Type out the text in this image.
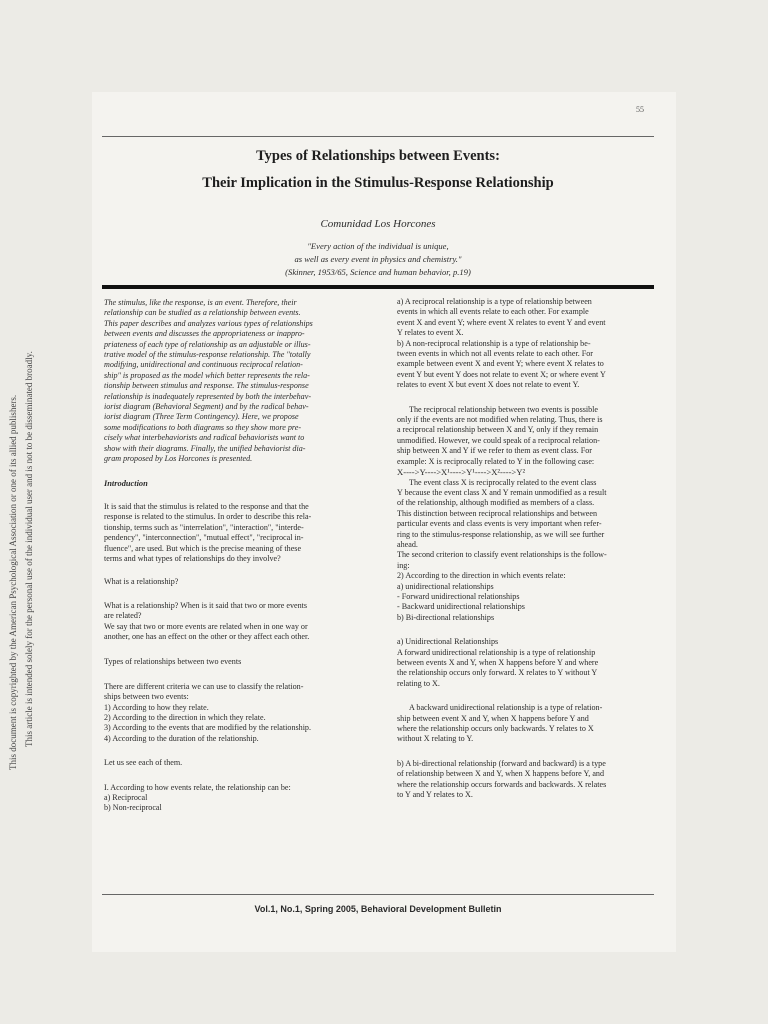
55
Types of Relationships between Events:
Their Implication in the Stimulus-Response Relationship
Comunidad Los Horcones
"Every action of the individual is unique,
as well as every event in physics and chemistry."
(Skinner, 1953/65, Science and human behavior, p.19)

The stimulus, like the response, is an event. Therefore, their
relationship can be studied as a relationship between events.
This paper describes and analyzes various types of relationships
between events and discusses the appropriateness or inappro-
priateness of each type of relationship as an adjustable or illus-
trative model of the stimulus-response relationship. The "totally
modifying, unidirectional and continuous reciprocal relation-
ship" is proposed as the model which better represents the rela-
tionship between stimulus and response. The stimulus-response
relationship is inadequately represented by both the interbehav-
iorist diagram (Behavioral Segment) and by the radical behav-
iorist diagram (Three Term Contingency). Here, we propose
some modifications to both diagrams so they show more pre-
cisely what interbehaviorists and radical behaviorists want to
show with their diagrams. Finally, the unified behaviorist dia-
gram proposed by Los Horcones is presented.

Introduction

It is said that the stimulus is related to the response and that the
response is related to the stimulus. In order to describe this rela-
tionship, terms such as "interrelation", "interaction", "interde-
pendency", "interconnection", "mutual effect", "reciprocal in-
fluence", are used. But which is the precise meaning of these
terms and what types of relationships do they involve?

What is a relationship?

What is a relationship? When is it said that two or more events
are related?
We say that two or more events are related when in one way or
another, one has an effect on the other or they affect each other.

Types of relationships between two events

There are different criteria we can use to classify the relation-
ships between two events:
1) According to how they relate.
2) According to the direction in which they relate.
3) According to the events that are modified by the relationship.
4) According to the duration of the relationship.

Let us see each of them.

I. According to how events relate, the relationship can be:
a) Reciprocal
b) Non-reciprocal

a) A reciprocal relationship is a type of relationship between
events in which all events relate to each other. For example
event X and event Y; where event X relates to event Y and event
Y relates to event X.
b) A non-reciprocal relationship is a type of relationship be-
tween events in which not all events relate to each other. For
example between event X and event Y; where event X relates to
event Y but event Y does not relate to event X; or where event Y
relates to event X but event X does not relate to event Y.

The reciprocal relationship between two events is possible
only if the events are not modified when relating. Thus, there is
a reciprocal relationship between X and Y, only if they remain
unmodified. However, we could speak of a reciprocal relation-
ship between X and Y if we refer to them as event class. For
example: X is reciprocally related to Y in the following case:

X---->Y---->X¹---->Y¹---->X²---->Y²

The event class X is reciprocally related to the event class
Y because the event class X and Y remain unmodified as a result
of the relationship, although modified as members of a class.
This distinction between reciprocal relationships and between
particular events and class events is very important when refer-
ring to the stimulus-response relationship, as we will see further
ahead.

The second criterion to classify event relationships is the follow-
ing:
2) According to the direction in which events relate:
a) unidirectional relationships
- Forward unidirectional relationships
- Backward unidirectional relationships
b) Bi-directional relationships

a) Unidirectional Relationships
A forward unidirectional relationship is a type of relationship
between events X and Y, when X happens before Y and where
the relationship occurs only forward. X relates to Y without Y
relating to X.

A backward unidirectional relationship is a type of relation-
ship between event X and Y, when X happens before Y and
where the relationship occurs only backwards. Y relates to X
without X relating to Y.

b) A bi-directional relationship (forward and backward) is a type
of relationship between X and Y, when X happens before Y, and
where the relationship occurs forwards and backwards. X relates
to Y and Y relates to X.

Vol.1, No.1, Spring 2005, Behavioral Development Bulletin
This document is copyrighted by the American Psychological Association or one of its allied publishers. This article is intended solely for the personal use of the individual user and is not to be disseminated broadly.
